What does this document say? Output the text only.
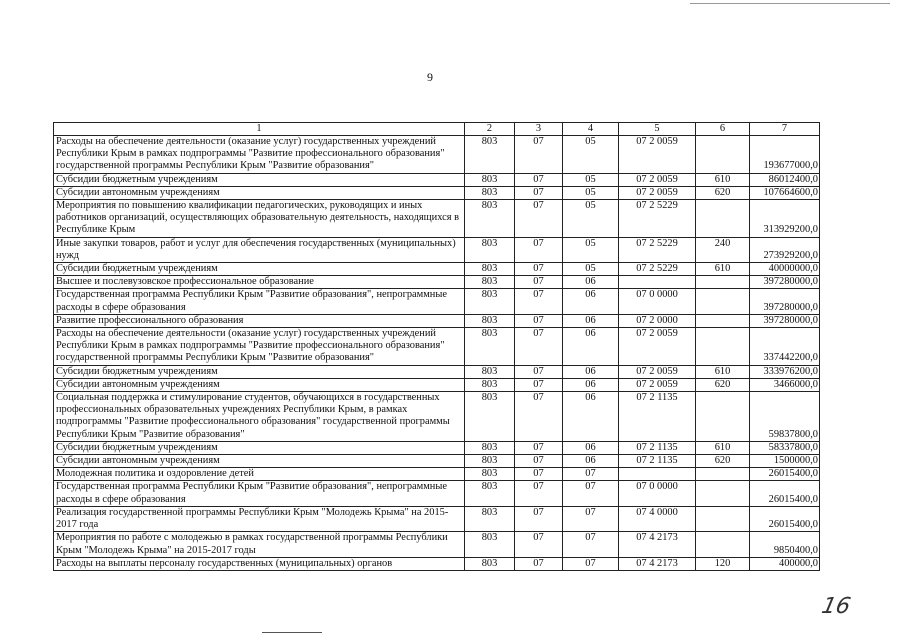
9
1	2	3	4	5	6	7
Расходы на обеспечение деятельности (оказание услуг) государственных учреждений Республики Крым в рамках подпрограммы "Развитие профессионального образования" государственной программы Республики Крым "Развитие образования"	803	07	05	07 2 0059		193677000,0
Субсидии бюджетным учреждениям	803	07	05	07 2 0059	610	86012400,0
Субсидии автономным учреждениям	803	07	05	07 2 0059	620	107664600,0
Мероприятия по повышению квалификации педагогических, руководящих и иных работников организаций, осуществляющих образовательную деятельность, находящихся в Республике Крым	803	07	05	07 2 5229		313929200,0
Иные закупки товаров, работ и услуг для обеспечения государственных (муниципальных) нужд	803	07	05	07 2 5229	240	273929200,0
Субсидии бюджетным учреждениям	803	07	05	07 2 5229	610	40000000,0
Высшее и послевузовское профессиональное образование	803	07	06			397280000,0
Государственная программа Республики Крым "Развитие образования", непрограммные расходы в сфере образования	803	07	06	07 0 0000		397280000,0
Развитие профессионального образования	803	07	06	07 2 0000		397280000,0
Расходы на обеспечение деятельности (оказание услуг) государственных учреждений Республики Крым в рамках подпрограммы "Развитие профессионального образования" государственной программы Республики Крым "Развитие образования"	803	07	06	07 2 0059		337442200,0
Субсидии бюджетным учреждениям	803	07	06	07 2 0059	610	333976200,0
Субсидии автономным учреждениям	803	07	06	07 2 0059	620	3466000,0
Социальная поддержка и стимулирование студентов, обучающихся в государственных профессиональных образовательных учреждениях Республики Крым, в рамках подпрограммы "Развитие профессионального образования" государственной программы Республики Крым "Развитие образования"	803	07	06	07 2 1135		59837800,0
Субсидии бюджетным учреждениям	803	07	06	07 2 1135	610	58337800,0
Субсидии автономным учреждениям	803	07	06	07 2 1135	620	1500000,0
Молодежная политика и оздоровление детей	803	07	07			26015400,0
Государственная программа Республики Крым "Развитие образования", непрограммные расходы в сфере образования	803	07	07	07 0 0000		26015400,0
Реализация государственной программы Республики Крым "Молодежь Крыма" на 2015-2017 года	803	07	07	07 4 0000		26015400,0
Мероприятия по работе с молодежью в рамках государственной программы Республики Крым "Молодежь Крыма" на 2015-2017 годы	803	07	07	07 4 2173		9850400,0
Расходы на выплаты персоналу государственных (муниципальных) органов	803	07	07	07 4 2173	120	400000,0
16
